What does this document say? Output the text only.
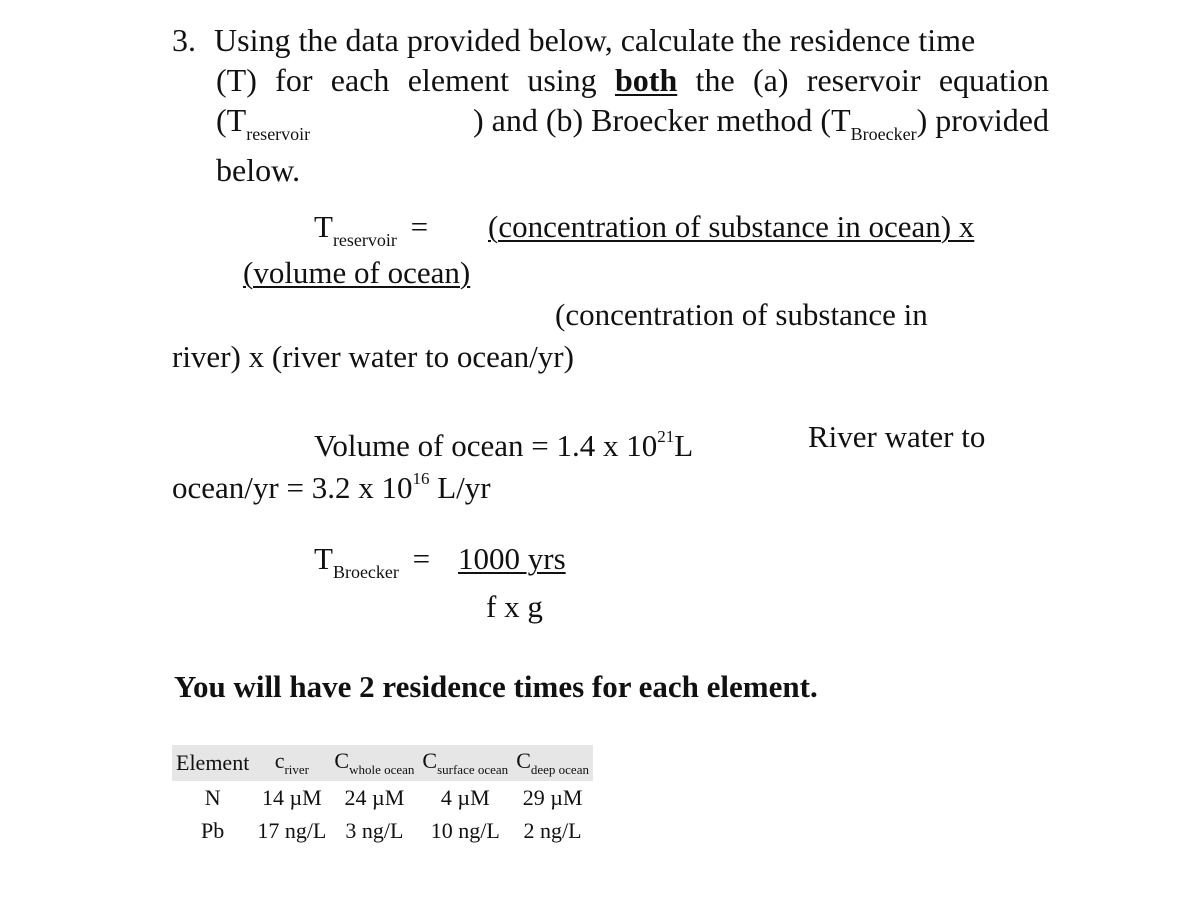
3. Using the data provided below, calculate the residence time
(T) for each element using both the (a) reservoir equation
($T_{reservoir}$	) and (b) Broecker method $(T_{Broecker})$ provided
below.
$T_{reservoir}$ = (concentration of substance in ocean) x
(volume of ocean)
(concentration of substance in
river) x (river water to ocean/yr)
Volume of ocean = 1.4 x $10^{21}L$	River water to
ocean/yr = 3.2 x $10^{16}$ L/yr
$T_{Broecker} = 1000$ yrs
f x g
You will have 2 residence times for each element.
Element	$c_{river}$	$C_{whole ocean}$	$C_{surface ocean}$	$C_{deep ocean}$
N	14 µM	24 µM	4 µM	29 µM
Pb	17 ng/L	3 ng/L	10 ng/L	2 ng/L
